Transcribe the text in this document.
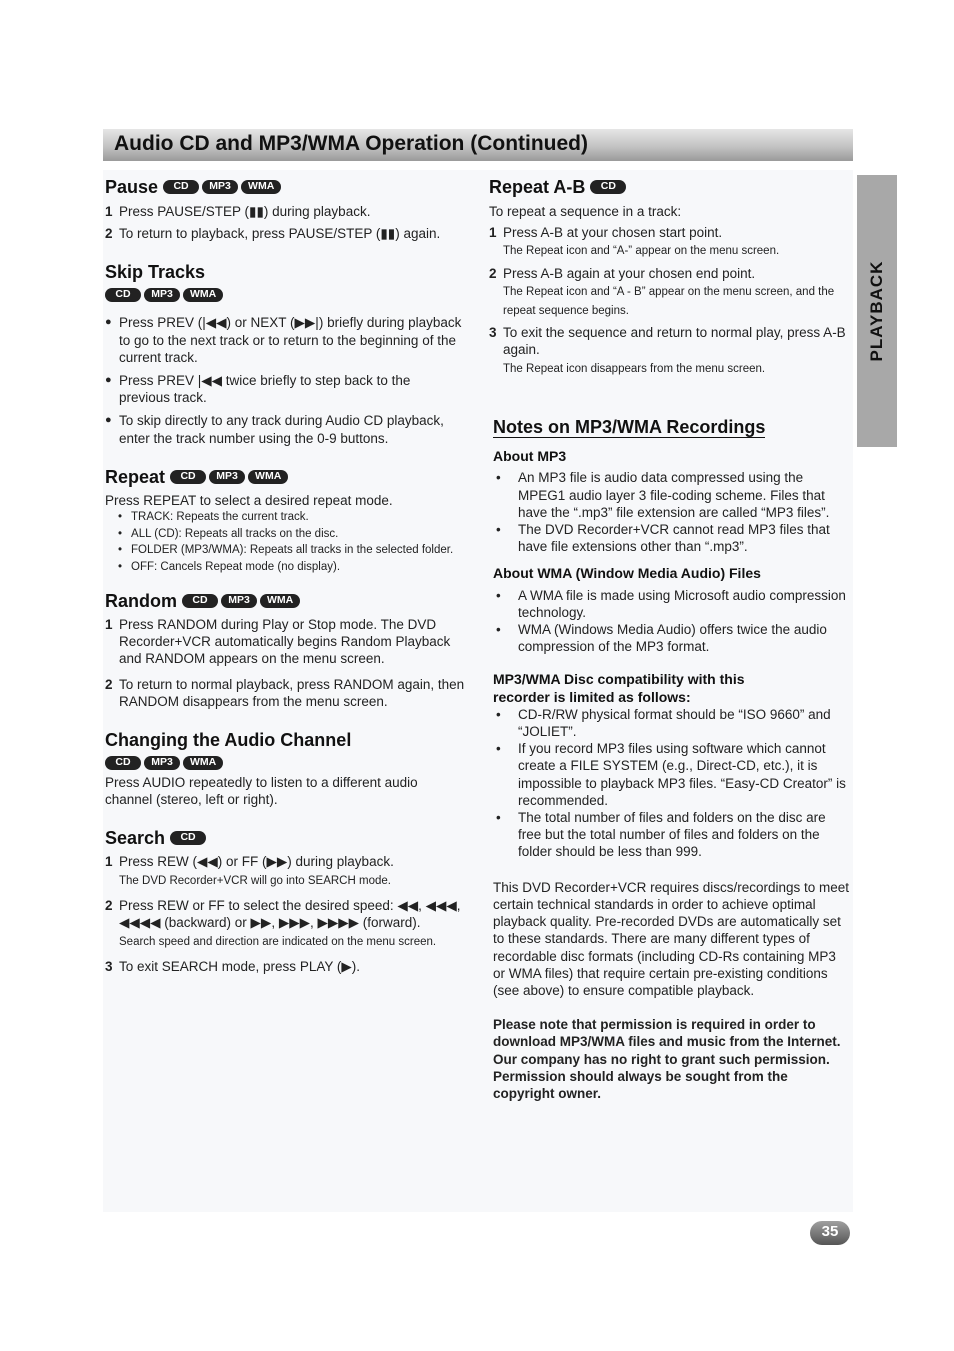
Audio CD and MP3/WMA Operation (Continued)
PLAYBACK
Pause	CD	MP3	WMA
1 Press PAUSE/STEP (▮▮) during playback.
2 To return to playback, press PAUSE/STEP (▮▮) again.
Skip Tracks
CD	MP3	WMA
● Press PREV (|◀◀) or NEXT (▶▶|) briefly during playback to go to the next track or to return to the beginning of the current track.
● Press PREV |◀◀ twice briefly to step back to the previous track.
● To skip directly to any track during Audio CD playback, enter the track number using the 0-9 buttons.
Repeat	CD	MP3	WMA

Press REPEAT to select a desired repeat mode.

• TRACK: Repeats the current track.
• ALL (CD): Repeats all tracks on the disc.
• FOLDER (MP3/WMA): Repeats all tracks in the selected folder.
• OFF: Cancels Repeat mode (no display).
Random	CD	MP3	WMA
1 Press RANDOM during Play or Stop mode. The DVD Recorder+VCR automatically begins Random Playback and RANDOM appears on the menu screen.
2 To return to normal playback, press RANDOM again, then RANDOM disappears from the menu screen.
Changing the Audio Channel
CD	MP3	WMA

Press AUDIO repeatedly to listen to a different audio channel (stereo, left or right).

Search	CD
1 Press REW (◀◀) or FF (▶▶) during playback.
The DVD Recorder+VCR will go into SEARCH mode.
2 Press REW or FF to select the desired speed: ◀◀, ◀◀◀, ◀◀◀◀ (backward) or ▶▶, ▶▶▶, ▶▶▶▶ (forward).
Search speed and direction are indicated on the menu screen.
3 To exit SEARCH mode, press PLAY (▶).
Repeat A-B	CD

To repeat a sequence in a track:

1 Press A-B at your chosen start point.
The Repeat icon and “A-” appear on the menu screen.
2 Press A-B again at your chosen end point.
The Repeat icon and “A - B” appear on the menu screen, and the repeat sequence begins.
3 To exit the sequence and return to normal play, press A-B again.
The Repeat icon disappears from the menu screen.
Notes on MP3/WMA Recordings
About MP3
•	An MP3 file is audio data compressed using the MPEG1 audio layer 3 file-coding scheme. Files that have the “.mp3” file extension are called “MP3 files”.
•	The DVD Recorder+VCR cannot read MP3 files that have file extensions other than “.mp3”.
About WMA (Window Media Audio) Files
•	A WMA file is made using Microsoft audio compression technology.
•	WMA (Windows Media Audio) offers twice the audio compression of the MP3 format.
MP3/WMA Disc compatibility with this recorder is limited as follows:
•	CD-R/RW physical format should be “ISO 9660” and “JOLIET”.
•	If you record MP3 files using software which cannot create a FILE SYSTEM (e.g., Direct-CD, etc.), it is impossible to playback MP3 files. “Easy-CD Creator” is recommended.
•	The total number of files and folders on the disc are free but the total number of files and folders on the folder should be less than 999.

This DVD Recorder+VCR requires discs/recordings to meet certain technical standards in order to achieve optimal playback quality. Pre-recorded DVDs are automatically set to these standards. There are many different types of recordable disc formats (including CD-Rs containing MP3 or WMA files) that require certain pre-existing conditions (see above) to ensure compatible playback.

Please note that permission is required in order to download MP3/WMA files and music from the Internet. Our company has no right to grant such permission. Permission should always be sought from the copyright owner.

35
